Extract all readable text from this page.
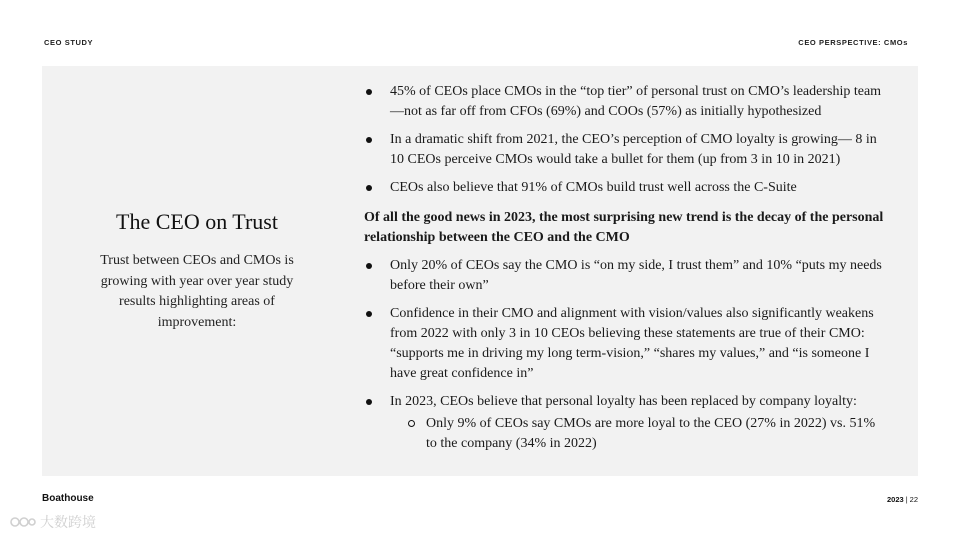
CEO STUDY	CEO PERSPECTIVE: CMOs
The CEO on Trust

Trust between CEOs and CMOs is growing with year over year study results highlighting areas of improvement:

45% of CEOs place CMOs in the “top tier” of personal trust on CMO’s leadership team—not as far off from CFOs (69%) and COOs (57%) as initially hypothesized
In a dramatic shift from 2021, the CEO’s perception of CMO loyalty is growing— 8 in 10 CEOs perceive CMOs would take a bullet for them (up from 3 in 10 in 2021)
CEOs also believe that 91% of CMOs build trust well across the C-Suite
Of all the good news in 2023, the most surprising new trend is the decay of the personal relationship between the CEO and the CMO
Only 20% of CEOs say the CMO is “on my side, I trust them” and 10% “puts my needs before their own”
Confidence in their CMO and alignment with vision/values also significantly weakens from 2022 with only 3 in 10 CEOs believing these statements are true of their CMO: “supports me in driving my long term-vision,” “shares my values,” and “is someone I have great confidence in”
In 2023, CEOs believe that personal loyalty has been replaced by company loyalty:
Only 9% of CEOs say CMOs are more loyal to the CEO (27% in 2022) vs. 51% to the company (34% in 2022)
Boathouse	2023 | 22
大数跨境
